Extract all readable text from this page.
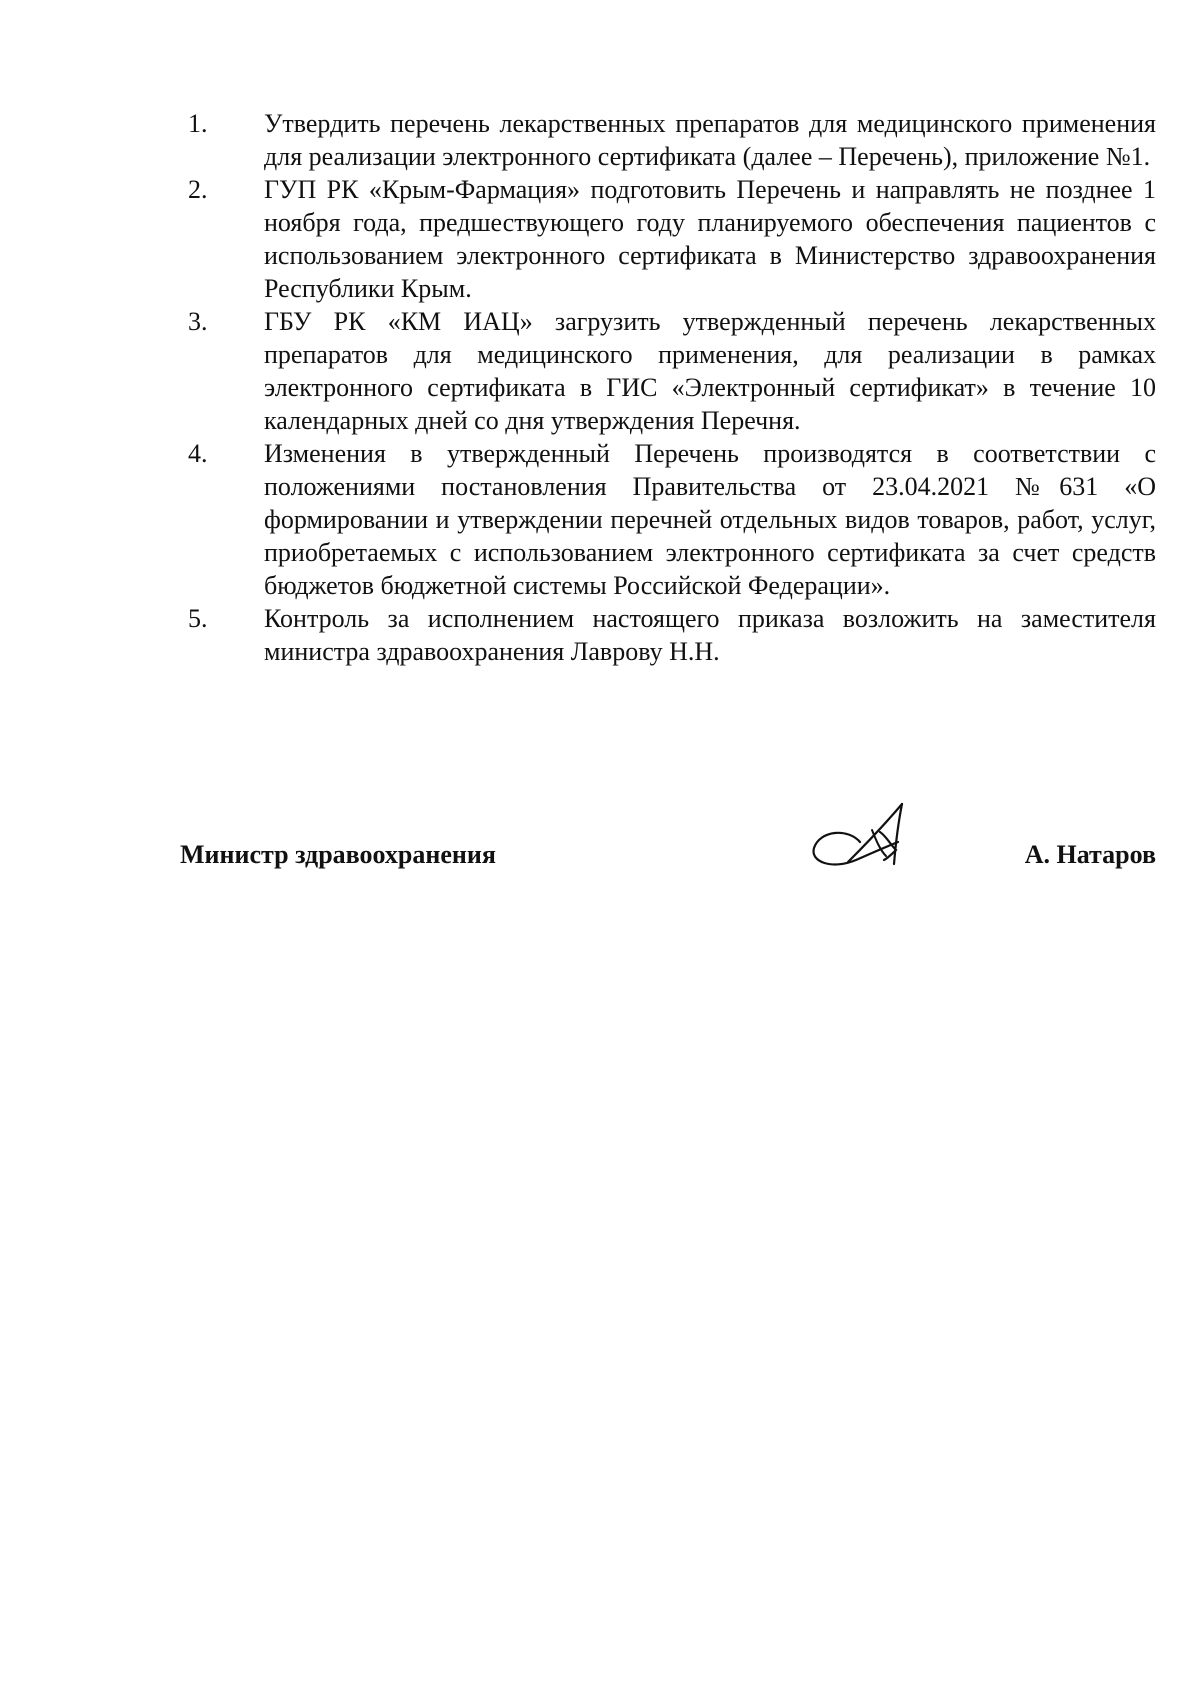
1.	Утвердить перечень лекарственных препаратов для медицинского применения для реализации электронного сертификата (далее – Перечень), приложение №1.
2.	ГУП РК «Крым-Фармация» подготовить Перечень и направлять не позднее 1 ноября года, предшествующего году планируемого обеспечения пациентов с использованием электронного сертификата в Министерство здравоохранения Республики Крым.
3.	ГБУ РК «КМ ИАЦ» загрузить утвержденный перечень лекарственных препаратов для медицинского применения, для реализации в рамках электронного сертификата в ГИС «Электронный сертификат» в течение 10 календарных дней со дня утверждения Перечня.
4.	Изменения в утвержденный Перечень производятся в соответствии с положениями постановления Правительства от 23.04.2021 №631 «О формировании и утверждении перечней отдельных видов товаров, работ, услуг, приобретаемых с использованием электронного сертификата за счет средств бюджетов бюджетной системы Российской Федерации».
5.	Контроль за исполнением настоящего приказа возложить на заместителя министра здравоохранения Лаврову Н.Н.
Министр здравоохранения	А. Натаров
